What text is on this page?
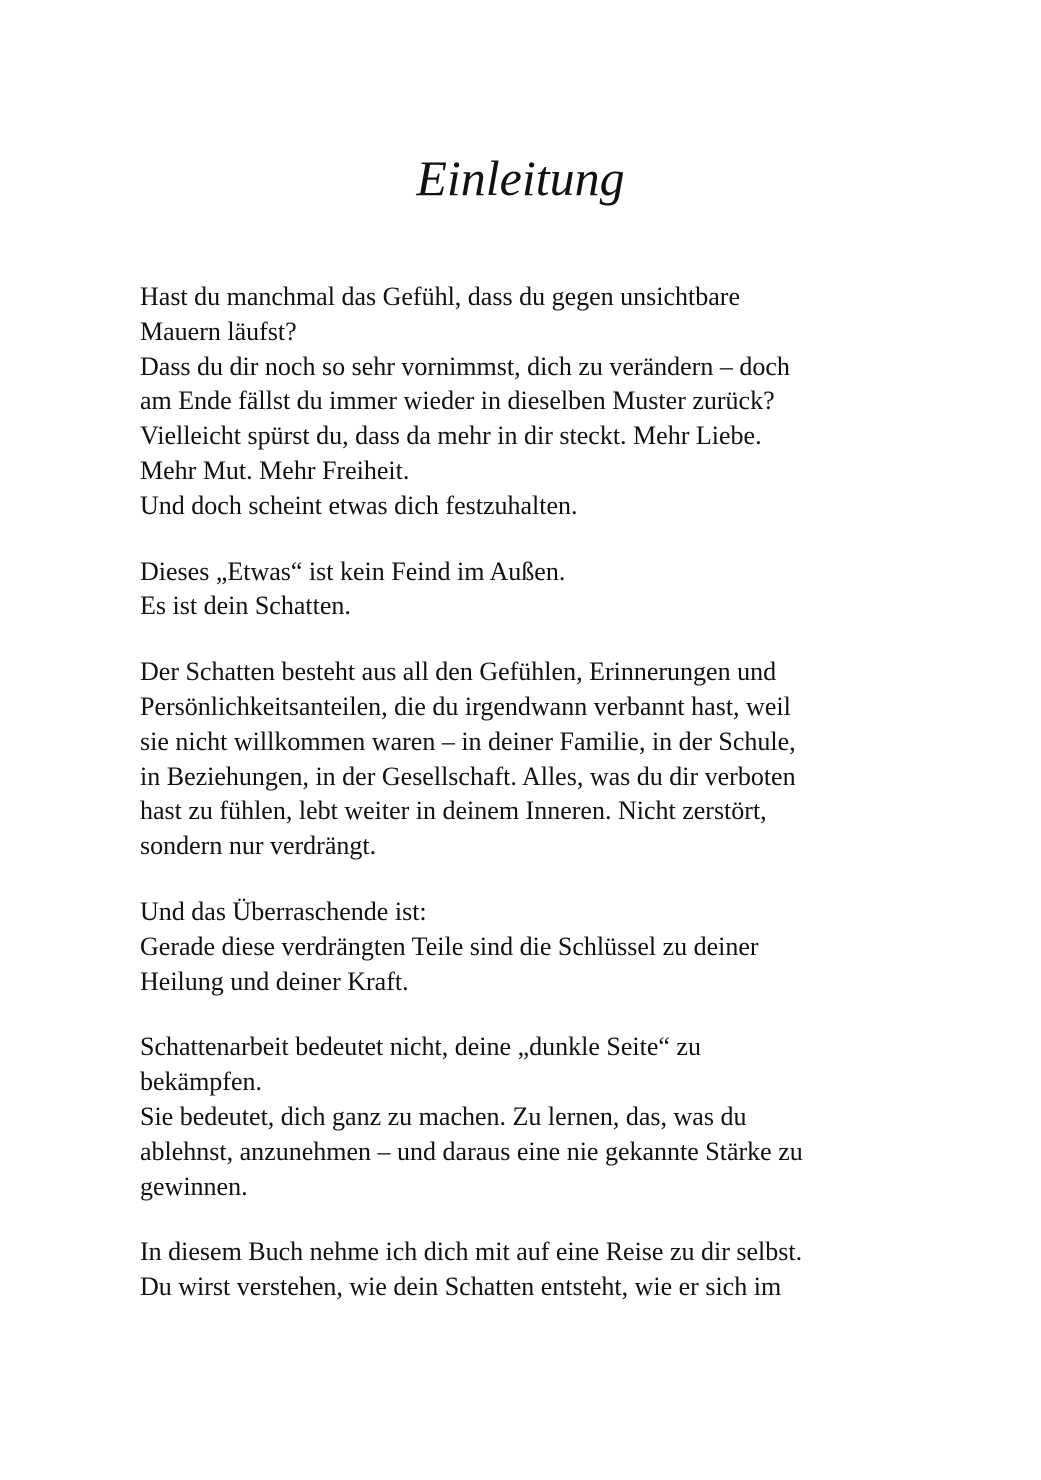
Einleitung

Hast du manchmal das Gefühl, dass du gegen unsichtbare
Mauern läufst?
Dass du dir noch so sehr vornimmst, dich zu verändern – doch
am Ende fällst du immer wieder in dieselben Muster zurück?
Vielleicht spürst du, dass da mehr in dir steckt. Mehr Liebe.
Mehr Mut. Mehr Freiheit.
Und doch scheint etwas dich festzuhalten.

Dieses „Etwas“ ist kein Feind im Außen.
Es ist dein Schatten.

Der Schatten besteht aus all den Gefühlen, Erinnerungen und
Persönlichkeitsanteilen, die du irgendwann verbannt hast, weil
sie nicht willkommen waren – in deiner Familie, in der Schule,
in Beziehungen, in der Gesellschaft. Alles, was du dir verboten
hast zu fühlen, lebt weiter in deinem Inneren. Nicht zerstört,
sondern nur verdrängt.

Und das Überraschende ist:
Gerade diese verdrängten Teile sind die Schlüssel zu deiner
Heilung und deiner Kraft.

Schattenarbeit bedeutet nicht, deine „dunkle Seite“ zu
bekämpfen.
Sie bedeutet, dich ganz zu machen. Zu lernen, das, was du
ablehnst, anzunehmen – und daraus eine nie gekannte Stärke zu
gewinnen.

In diesem Buch nehme ich dich mit auf eine Reise zu dir selbst.
Du wirst verstehen, wie dein Schatten entsteht, wie er sich im
